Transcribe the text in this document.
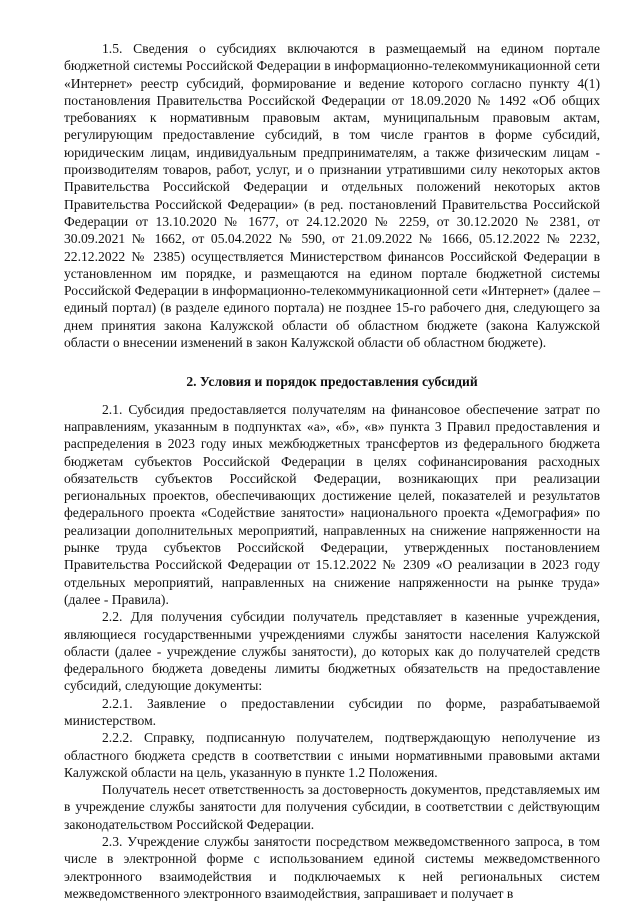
1.5. Сведения о субсидиях включаются в размещаемый на едином портале бюджетной системы Российской Федерации в информационно-телекоммуникационной сети «Интернет» реестр субсидий, формирование и ведение которого согласно пункту 4(1) постановления Правительства Российской Федерации от 18.09.2020 № 1492 «Об общих требованиях к нормативным правовым актам, муниципальным правовым актам, регулирующим предоставление субсидий, в том числе грантов в форме субсидий, юридическим лицам, индивидуальным предпринимателям, а также физическим лицам - производителям товаров, работ, услуг, и о признании утратившими силу некоторых актов Правительства Российской Федерации и отдельных положений некоторых актов Правительства Российской Федерации» (в ред. постановлений Правительства Российской Федерации от 13.10.2020 № 1677, от 24.12.2020 № 2259, от 30.12.2020 № 2381, от 30.09.2021 № 1662, от 05.04.2022 № 590, от 21.09.2022 № 1666, 05.12.2022 № 2232, 22.12.2022 № 2385) осуществляется Министерством финансов Российской Федерации в установленном им порядке, и размещаются на едином портале бюджетной системы Российской Федерации в информационно-телекоммуникационной сети «Интернет» (далее – единый портал) (в разделе единого портала) не позднее 15-го рабочего дня, следующего за днем принятия закона Калужской области об областном бюджете (закона Калужской области о внесении изменений в закон Калужской области об областном бюджете).

2. Условия и порядок предоставления субсидий

2.1. Субсидия предоставляется получателям на финансовое обеспечение затрат по направлениям, указанным в подпунктах «а», «б», «в» пункта 3 Правил предоставления и распределения в 2023 году иных межбюджетных трансфертов из федерального бюджета бюджетам субъектов Российской Федерации в целях софинансирования расходных обязательств субъектов Российской Федерации, возникающих при реализации региональных проектов, обеспечивающих достижение целей, показателей и результатов федерального проекта «Содействие занятости» национального проекта «Демография» по реализации дополнительных мероприятий, направленных на снижение напряженности на рынке труда субъектов Российской Федерации, утвержденных постановлением Правительства Российской Федерации от 15.12.2022 № 2309 «О реализации в 2023 году отдельных мероприятий, направленных на снижение напряженности на рынке труда» (далее - Правила).

2.2. Для получения субсидии получатель представляет в казенные учреждения, являющиеся государственными учреждениями службы занятости населения Калужской области (далее - учреждение службы занятости), до которых как до получателей средств федерального бюджета доведены лимиты бюджетных обязательств на предоставление субсидий, следующие документы:

2.2.1. Заявление о предоставлении субсидии по форме, разрабатываемой министерством.

2.2.2. Справку, подписанную получателем, подтверждающую неполучение из областного бюджета средств в соответствии с иными нормативными правовыми актами Калужской области на цель, указанную в пункте 1.2 Положения.

Получатель несет ответственность за достоверность документов, представляемых им в учреждение службы занятости для получения субсидии, в соответствии с действующим законодательством Российской Федерации.

2.3. Учреждение службы занятости посредством межведомственного запроса, в том числе в электронной форме с использованием единой системы межведомственного электронного взаимодействия и подключаемых к ней региональных систем межведомственного электронного взаимодействия, запрашивает и получает в
